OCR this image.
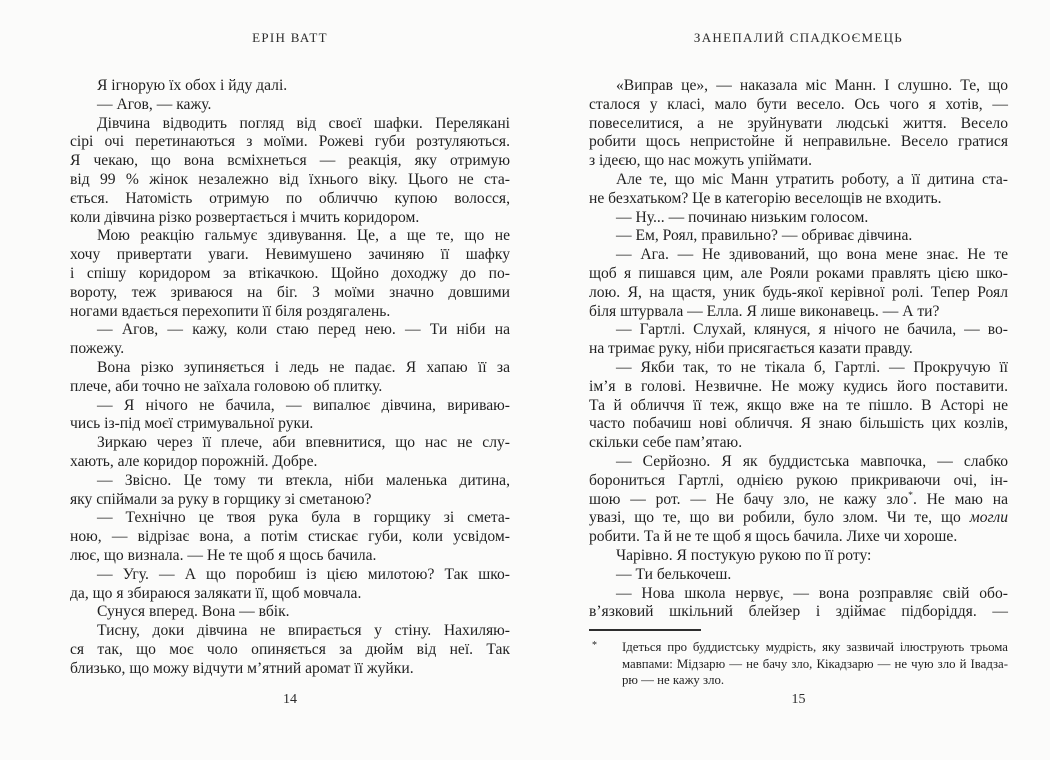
ЕРІН ВАТТ
Я ігнорую їх обох і йду далі.
— Агов, — кажу.
Дівчина відводить погляд від своєї шафки. Перелякані
сірі очі перетинаються з моїми. Рожеві губи розтуляються.
Я чекаю, що вона всміхнеться — реакція, яку отримую
від 99 % жінок незалежно від їхнього віку. Цього не ста-
ється. Натомість отримую по обличчю купою волосся,
коли дівчина різко розвертається і мчить коридором.
Мою реакцію гальмує здивування. Це, а ще те, що не
хочу привертати уваги. Невимушено зачиняю її шафку
і спішу коридором за втікачкою. Щойно доходжу до по-
вороту, теж зриваюся на біг. З моїми значно довшими
ногами вдається перехопити її біля роздягалень.
— Агов, — кажу, коли стаю перед нею. — Ти ніби на
пожежу.
Вона різко зупиняється і ледь не падає. Я хапаю її за
плече, аби точно не заїхала головою об плитку.
— Я нічого не бачила, — випалює дівчина, вириваю-
чись із-під моєї стримувальної руки.
Зиркаю через її плече, аби впевнитися, що нас не слу-
хають, але коридор порожній. Добре.
— Звісно. Це тому ти втекла, ніби маленька дитина,
яку спіймали за руку в горщику зі сметаною?
— Технічно це твоя рука була в горщику зі смета-
ною, — відрізає вона, а потім стискає губи, коли усвідом-
лює, що визнала. — Не те щоб я щось бачила.
— Угу. — А що поробиш із цією милотою? Так шко-
да, що я збираюся залякати її, щоб мовчала.
Сунуся вперед. Вона — вбік.
Тисну, доки дівчина не впирається у стіну. Нахиляю-
ся так, що моє чоло опиняється за дюйм від неї. Так
близько, що можу відчути м’ятний аромат її жуйки.
14
ЗАНЕПАЛИЙ СПАДКОЄМЕЦЬ
«Виправ це», — наказала міс Манн. І слушно. Те, що
сталося у класі, мало бути весело. Ось чого я хотів, —
повеселитися, а не зруйнувати людські життя. Весело
робити щось непристойне й неправильне. Весело гратися
з ідеєю, що нас можуть упіймати.
Але те, що міс Манн утратить роботу, а її дитина ста-
не безхатьком? Це в категорію веселощів не входить.
— Ну... — починаю низьким голосом.
— Ем, Роял, правильно? — обриває дівчина.
— Ага. — Не здивований, що вона мене знає. Не те
щоб я пишався цим, але Рояли роками правлять цією шко-
лою. Я, на щастя, уник будь-якої керівної ролі. Тепер Роял
біля штурвала — Елла. Я лише виконавець. — А ти?
— Гартлі. Слухай, клянуся, я нічого не бачила, — во-
на тримає руку, ніби присягається казати правду.
— Якби так, то не тікала б, Гартлі. — Прокручую її
ім’я в голові. Незвичне. Не можу кудись його поставити.
Та й обличчя її теж, якщо вже на те пішло. В Асторі не
часто побачиш нові обличчя. Я знаю більшість цих козлів,
скільки себе пам’ятаю.
— Серйозно. Я як буддистська мавпочка, — слабко
борониться Гартлі, однією рукою прикриваючи очі, ін-
шою — рот. — Не бачу зло, не кажу зло*. Не маю на
увазі, що те, що ви робили, було злом. Чи те, що могли
робити. Та й не те щоб я щось бачила. Лихе чи хороше.
Чарівно. Я постукую рукою по її роту:
— Ти белькочеш.
— Нова школа нервує, — вона розправляє свій обо-
в’язковий шкільний блейзер і здіймає підборіддя. —
* Ідеться про буддистську мудрість, яку зазвичай ілюструють трьома
мавпами: Мідзарю — не бачу зло, Кікадзарю — не чую зло й Івадза-
рю — не кажу зло.
15
